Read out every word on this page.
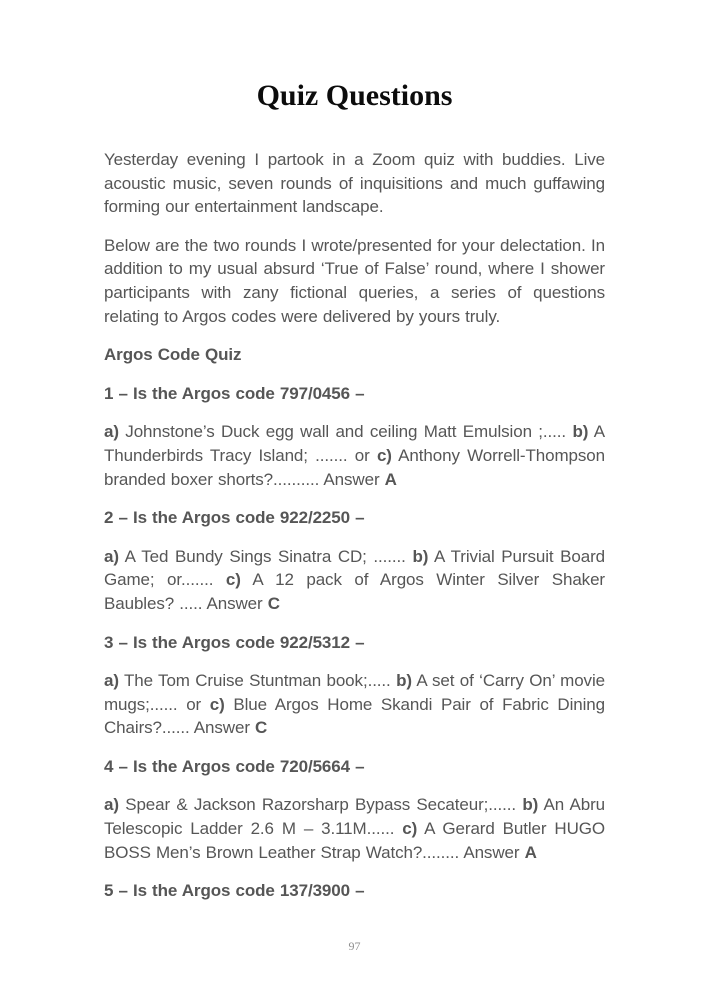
Quiz Questions

Yesterday evening I partook in a Zoom quiz with buddies. Live acoustic music, seven rounds of inquisitions and much guffawing forming our entertainment landscape.

Below are the two rounds I wrote/presented for your delectation. In addition to my usual absurd ‘True of False’ round, where I shower participants with zany fictional queries, a series of questions relating to Argos codes were delivered by yours truly.

Argos Code Quiz

1 – Is the Argos code 797/0456 –

a) Johnstone’s Duck egg wall and ceiling Matt Emulsion ;..... b) A Thunderbirds Tracy Island; ....... or c) Anthony Worrell-Thompson branded boxer shorts?.......... Answer A

2 – Is the Argos code 922/2250 –

a) A Ted Bundy Sings Sinatra CD; ....... b) A Trivial Pursuit Board Game; or....... c) A 12 pack of Argos Winter Silver Shaker Baubles? ..... Answer C

3 – Is the Argos code 922/5312 –

a) The Tom Cruise Stuntman book;..... b) A set of ‘Carry On’ movie mugs;...... or c) Blue Argos Home Skandi Pair of Fabric Dining Chairs?...... Answer C

4 – Is the Argos code 720/5664 –

a) Spear & Jackson Razorsharp Bypass Secateur;...... b) An Abru Telescopic Ladder 2.6 M – 3.11M...... c) A Gerard Butler HUGO BOSS Men’s Brown Leather Strap Watch?........ Answer A

5 – Is the Argos code 137/3900 –

97
